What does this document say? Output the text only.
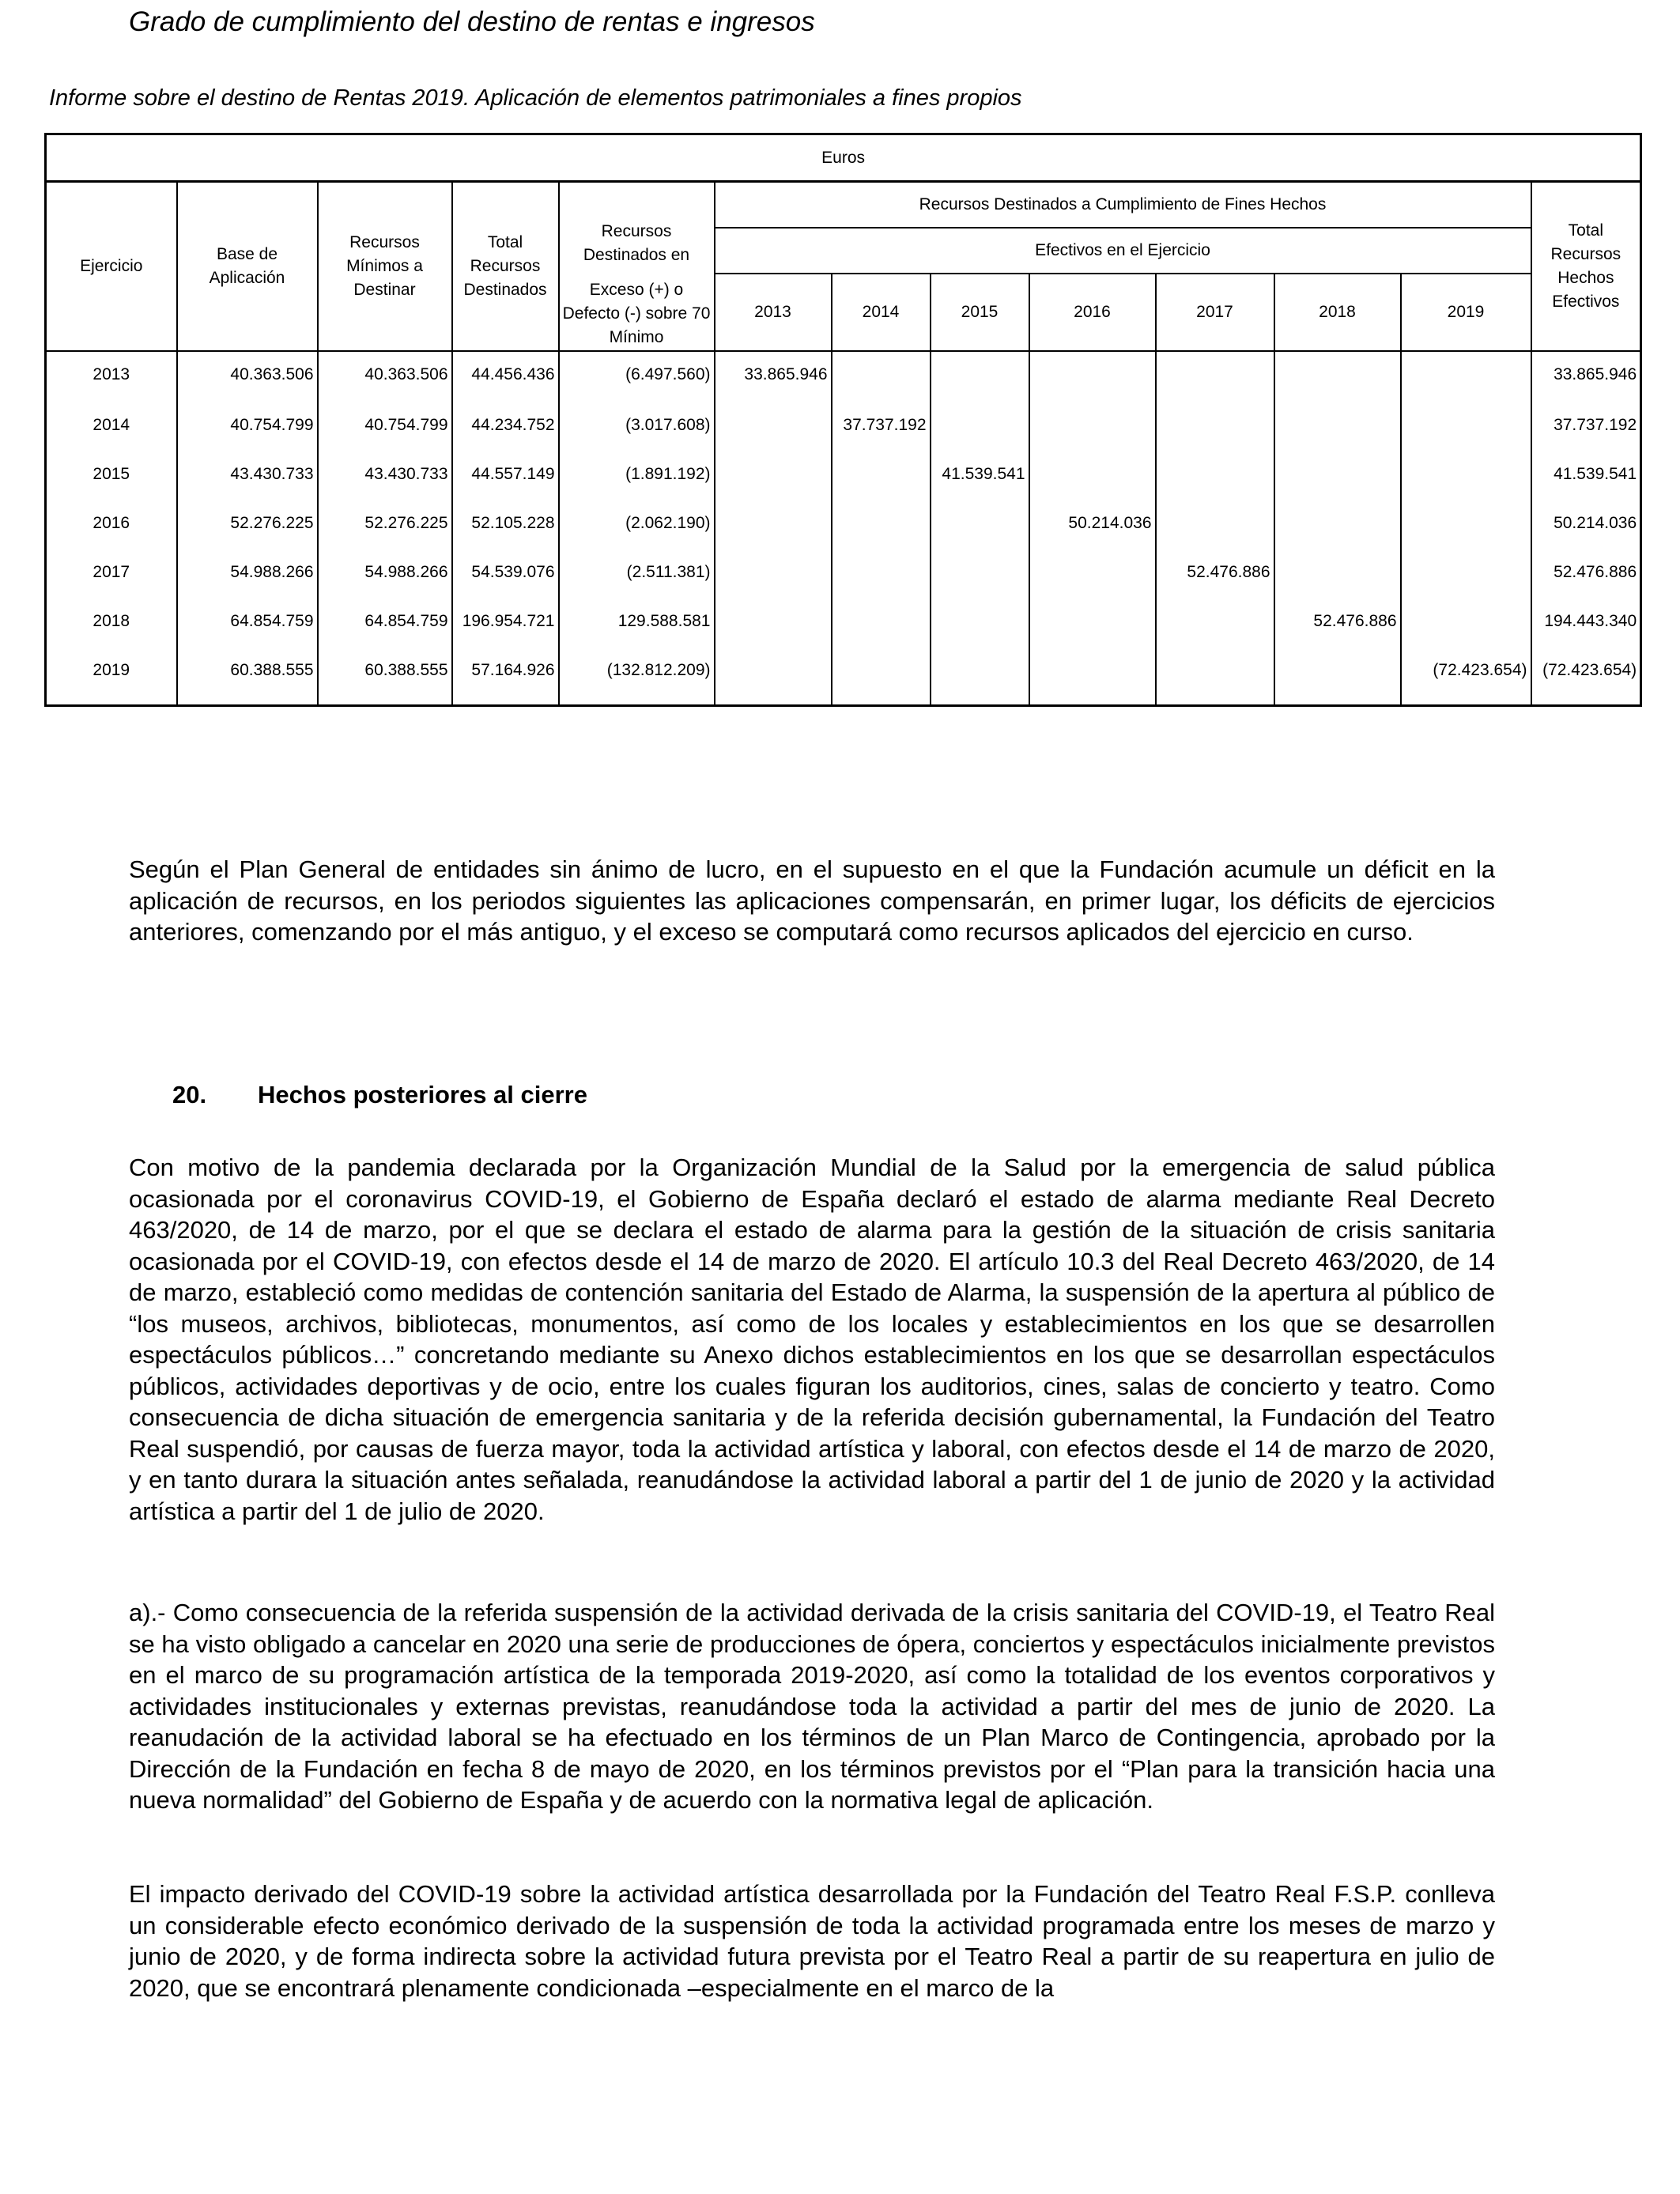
Grado de cumplimiento del destino de rentas e ingresos
Informe sobre el destino de Rentas 2019. Aplicación de elementos patrimoniales a fines propios
Euros												
Ejercicio	Base de Aplicación	Recursos Mínimos a Destinar	Total Recursos Destinados	Recursos Destinados en	Recursos Destinados a Cumplimiento de Fines Hechos							Total Recursos Hechos Efectivos
					Efectivos en el Ejercicio							
				Exceso (+) o Defecto (-) sobre 70 Mínimo	2013	2014	2015	2016	2017	2018	2019	
2013	40.363.506	40.363.506	44.456.436	(6.497.560)	33.865.946							33.865.946
2014	40.754.799	40.754.799	44.234.752	(3.017.608)		37.737.192						37.737.192
2015	43.430.733	43.430.733	44.557.149	(1.891.192)			41.539.541					41.539.541
2016	52.276.225	52.276.225	52.105.228	(2.062.190)				50.214.036				50.214.036
2017	54.988.266	54.988.266	54.539.076	(2.511.381)					52.476.886			52.476.886
2018	64.854.759	64.854.759	196.954.721	129.588.581						52.476.886		194.443.340
2019	60.388.555	60.388.555	57.164.926	(132.812.209)							(72.423.654)	(72.423.654)

Según el Plan General de entidades sin ánimo de lucro, en el supuesto en el que la Fundación acumule un déficit en la aplicación de recursos, en los periodos siguientes las aplicaciones compensarán, en primer lugar, los déficits de ejercicios anteriores, comenzando por el más antiguo, y el exceso se computará como recursos aplicados del ejercicio en curso.

20. Hechos posteriores al cierre

Con motivo de la pandemia declarada por la Organización Mundial de la Salud por la emergencia de salud pública ocasionada por el coronavirus COVID-19, el Gobierno de España declaró el estado de alarma mediante Real Decreto 463/2020, de 14 de marzo, por el que se declara el estado de alarma para la gestión de la situación de crisis sanitaria ocasionada por el COVID-19, con efectos desde el 14 de marzo de 2020. El artículo 10.3 del Real Decreto 463/2020, de 14 de marzo, estableció como medidas de contención sanitaria del Estado de Alarma, la suspensión de la apertura al público de “los museos, archivos, bibliotecas, monumentos, así como de los locales y establecimientos en los que se desarrollen espectáculos públicos…” concretando mediante su Anexo dichos establecimientos en los que se desarrollan espectáculos públicos, actividades deportivas y de ocio, entre los cuales figuran los auditorios, cines, salas de concierto y teatro. Como consecuencia de dicha situación de emergencia sanitaria y de la referida decisión gubernamental, la Fundación del Teatro Real suspendió, por causas de fuerza mayor, toda la actividad artística y laboral, con efectos desde el 14 de marzo de 2020, y en tanto durara la situación antes señalada, reanudándose la actividad laboral a partir del 1 de junio de 2020 y la actividad artística a partir del 1 de julio de 2020.

a).- Como consecuencia de la referida suspensión de la actividad derivada de la crisis sanitaria del COVID-19, el Teatro Real se ha visto obligado a cancelar en 2020 una serie de producciones de ópera, conciertos y espectáculos inicialmente previstos en el marco de su programación artística de la temporada 2019-2020, así como la totalidad de los eventos corporativos y actividades institucionales y externas previstas, reanudándose toda la actividad a partir del mes de junio de 2020. La reanudación de la actividad laboral se ha efectuado en los términos de un Plan Marco de Contingencia, aprobado por la Dirección de la Fundación en fecha 8 de mayo de 2020, en los términos previstos por el “Plan para la transición hacia una nueva normalidad” del Gobierno de España y de acuerdo con la normativa legal de aplicación.

El impacto derivado del COVID-19 sobre la actividad artística desarrollada por la Fundación del Teatro Real F.S.P. conlleva un considerable efecto económico derivado de la suspensión de toda la actividad programada entre los meses de marzo y junio de 2020, y de forma indirecta sobre la actividad futura prevista por el Teatro Real a partir de su reapertura en julio de 2020, que se encontrará plenamente condicionada –especialmente en el marco de la
